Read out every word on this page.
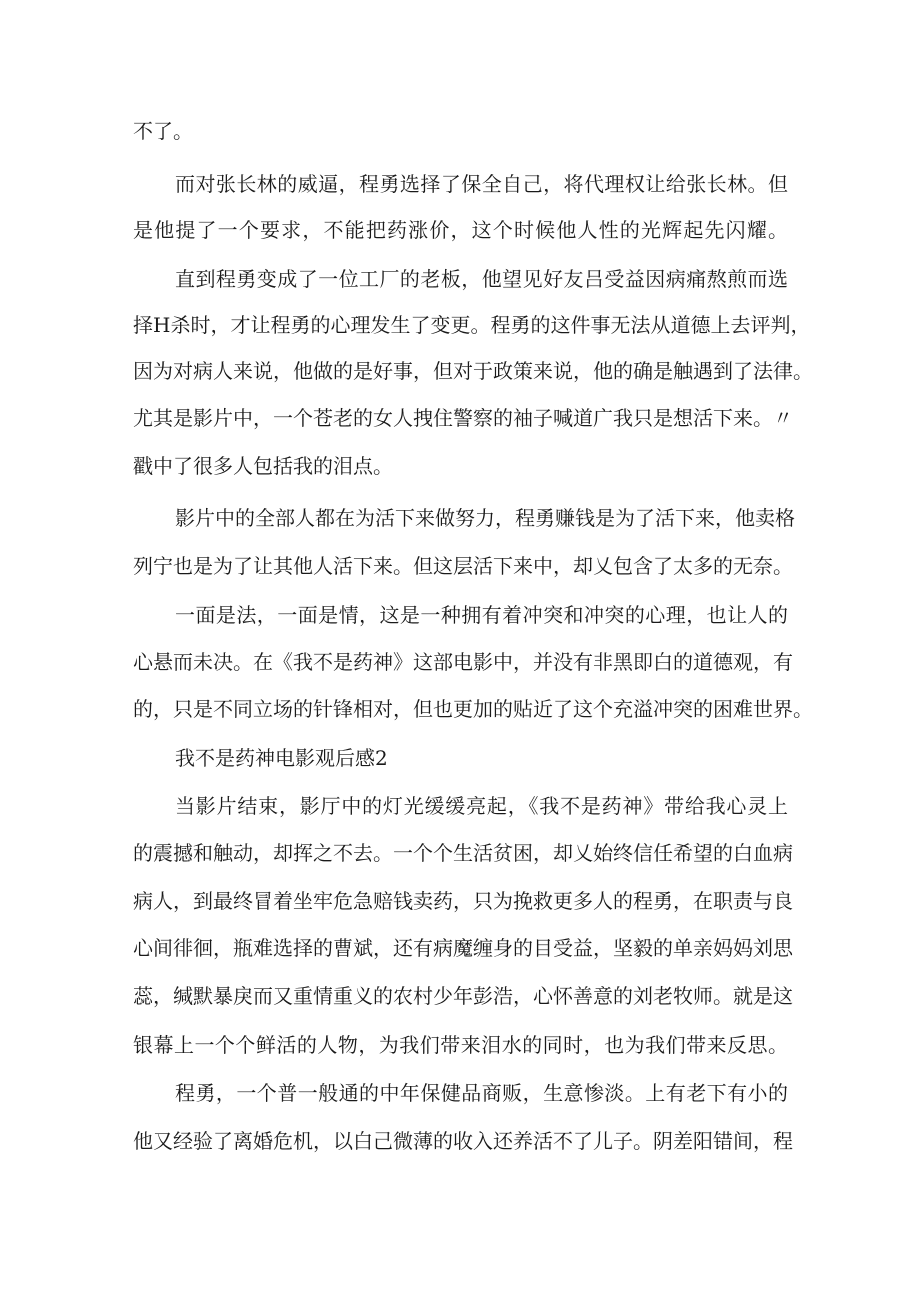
不了。
而对张长林的威逼，程勇选择了保全自己，将代理权让给张长林。但
是他提了一个要求，不能把药涨价，这个时候他人性的光辉起先闪耀。
直到程勇变成了一位工厂的老板，他望见好友吕受益因病痛熬煎而选
择H杀时，才让程勇的心理发生了变更。程勇的这件事无法从道德上去评判，
因为对病人来说，他做的是好事，但对于政策来说，他的确是触遇到了法律。
尤其是影片中，一个苍老的女人拽住警察的袖子喊道广我只是想活下来。〃
戳中了很多人包括我的泪点。
影片中的全部人都在为活下来做努力，程勇赚钱是为了活下来，他卖格
列宁也是为了让其他人活下来。但这层活下来中，却乂包含了太多的无奈。
一面是法，一面是情，这是一种拥有着冲突和冲突的心理，也让人的
心悬而未决。在《我不是药神》这部电影中，并没有非黑即白的道德观，有
的，只是不同立场的针锋相对，但也更加的贴近了这个充溢冲突的困难世界。
我不是药神电影观后感2
当影片结束，影厅中的灯光缓缓亮起，《我不是药神》带给我心灵上
的震撼和触动，却挥之不去。一个个生活贫困，却乂始终信任希望的白血病
病人，到最终冒着坐牢危急赔钱卖药，只为挽救更多人的程勇，在职责与良
心间徘徊，瓶难选择的曹斌，还有病魔缠身的目受益，坚毅的单亲妈妈刘思
蕊，缄默暴戾而又重情重义的农村少年彭浩，心怀善意的刘老牧师。就是这
银幕上一个个鲜活的人物，为我们带来泪水的同时，也为我们带来反思。
程勇，一个普一般通的中年保健品商贩，生意惨淡。上有老下有小的
他又经验了离婚危机，以白己微薄的收入还养活不了儿子。阴差阳错间，程
